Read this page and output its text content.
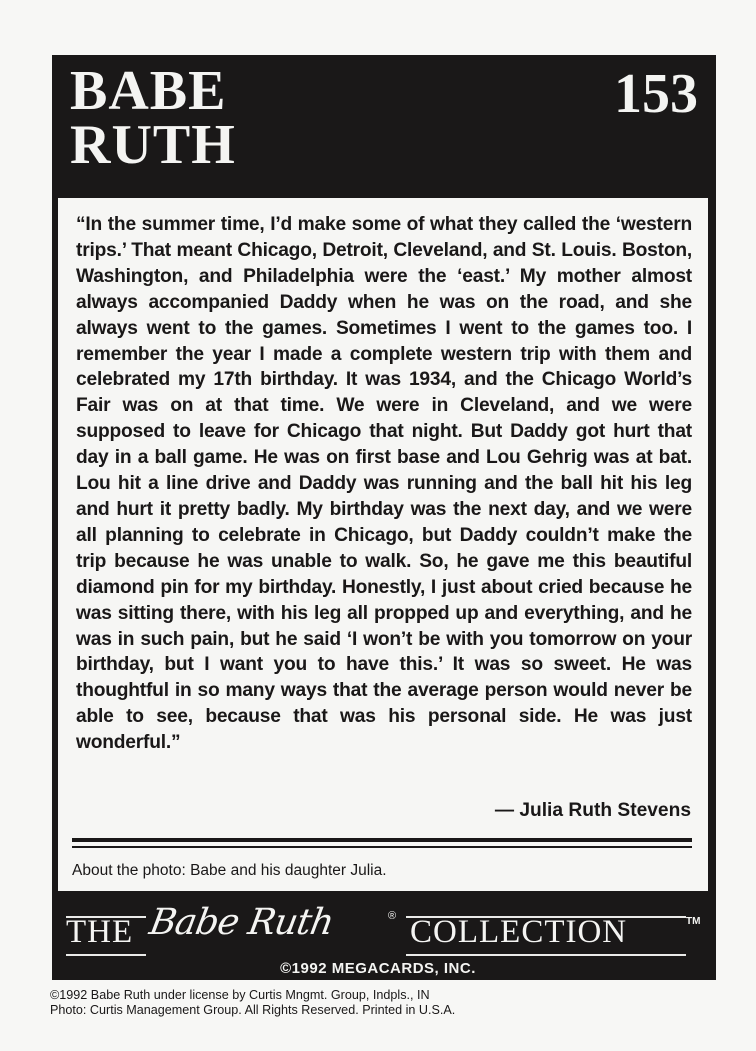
BABE
RUTH
153
“In the summer time, I’d make some of what they called the ‘western trips.’ That meant Chicago, Detroit, Cleveland, and St. Louis. Boston, Washington, and Philadelphia were the ‘east.’ My mother almost always accompanied Daddy when he was on the road, and she always went to the games. Sometimes I went to the games too. I remember the year I made a complete western trip with them and celebrated my 17th birthday. It was 1934, and the Chicago World’s Fair was on at that time. We were in Cleveland, and we were supposed to leave for Chicago that night. But Daddy got hurt that day in a ball game. He was on first base and Lou Gehrig was at bat. Lou hit a line drive and Daddy was running and the ball hit his leg and hurt it pretty badly. My birthday was the next day, and we were all planning to celebrate in Chicago, but Daddy couldn’t make the trip because he was unable to walk. So, he gave me this beautiful diamond pin for my birthday. Honestly, I just about cried because he was sitting there, with his leg all propped up and everything, and he was in such pain, but he said ‘I won’t be with you tomorrow on your birthday, but I want you to have this.’ It was so sweet. He was thoughtful in so many ways that the average person would never be able to see, because that was his personal side. He was just wonderful.”
— Julia Ruth Stevens
About the photo: Babe and his daughter Julia.
THE Babe Ruth	® COLLECTION	TM
©1992 MEGACARDS, INC.
©1992 Babe Ruth under license by Curtis Mngmt. Group, Indpls., IN
Photo: Curtis Management Group. All Rights Reserved. Printed in U.S.A.
